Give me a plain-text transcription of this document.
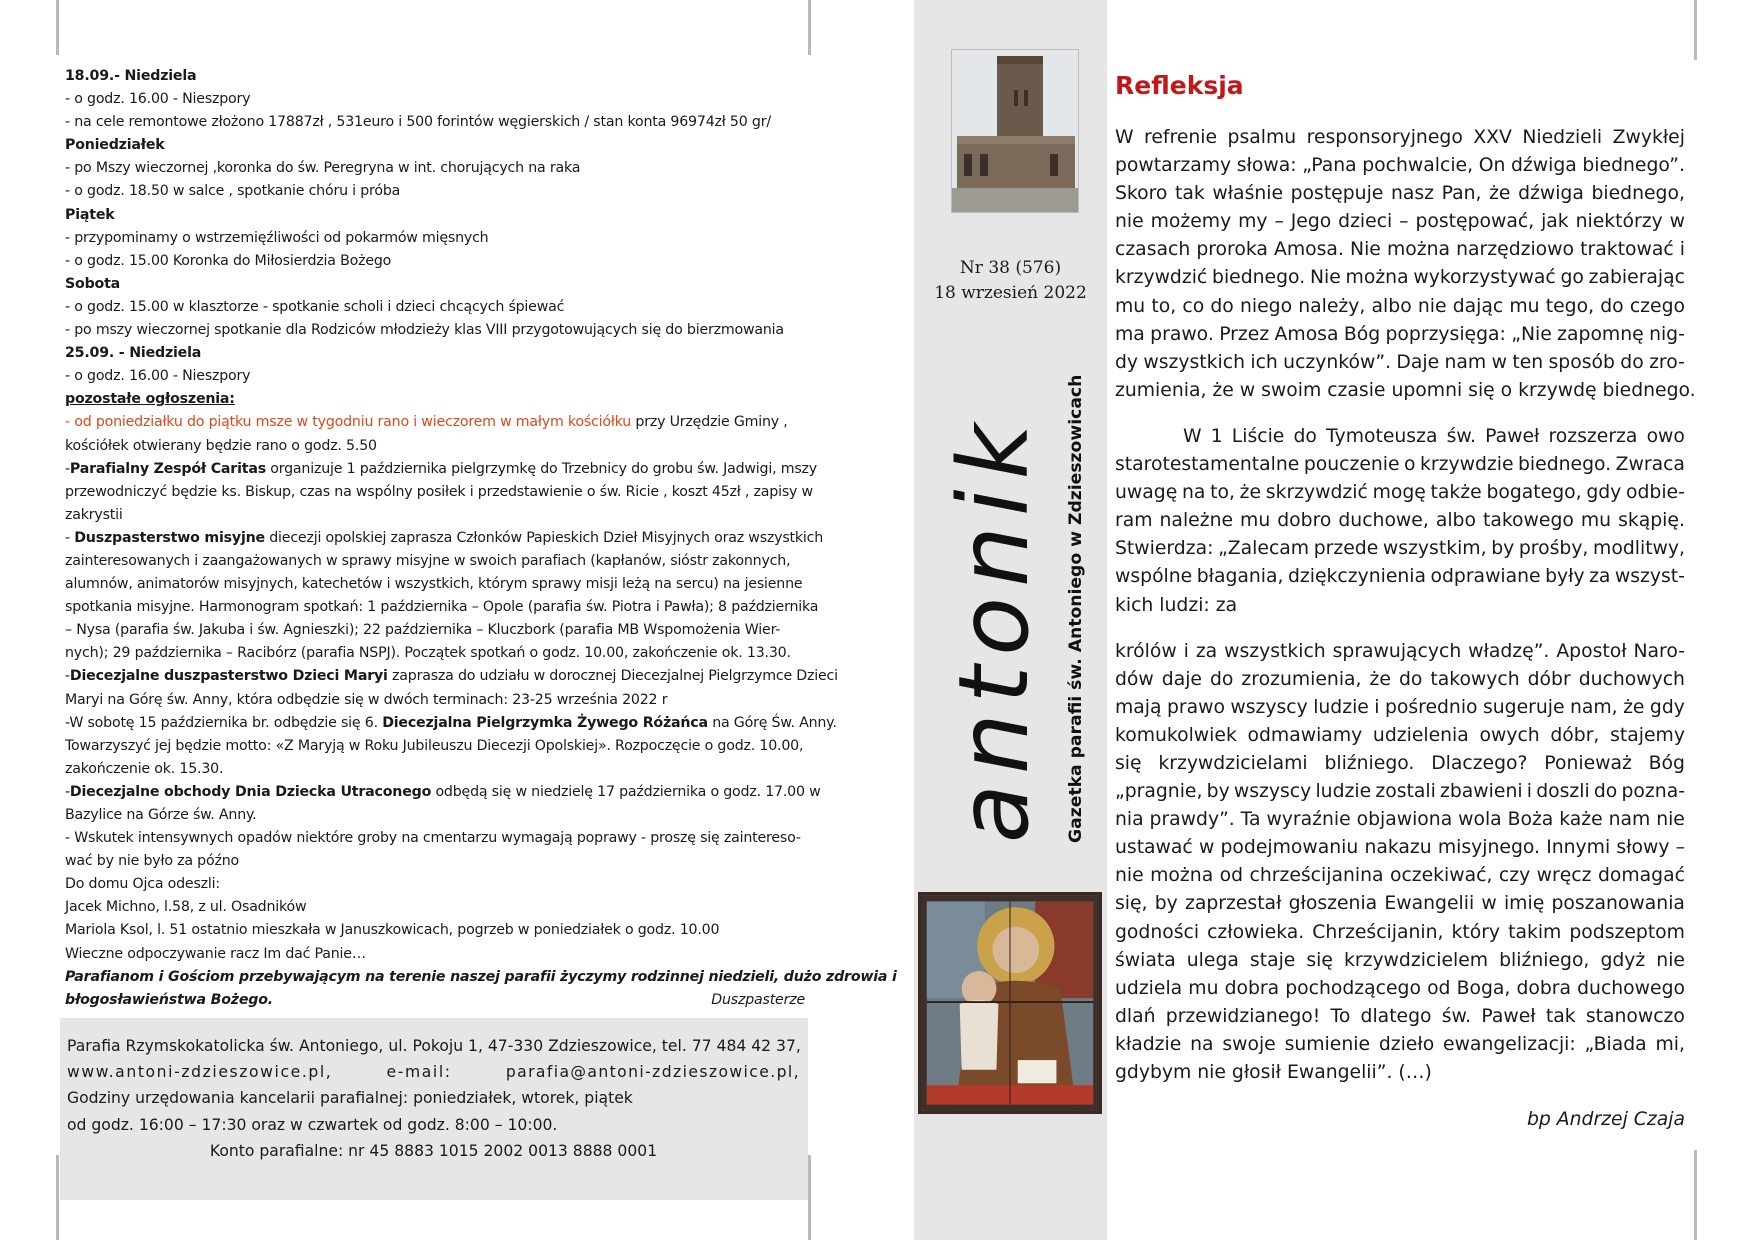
18.09.- Niedziela

- o godz. 16.00 - Nieszpory

- na cele remontowe złożono 17887zł , 531euro i 500 forintów węgierskich / stan konta 96974zł 50 gr/

Poniedziałek

- po Mszy wieczornej ,koronka do św. Peregryna w int. chorujących na raka

- o godz. 18.50 w salce , spotkanie chóru i próba

Piątek

- przypominamy o wstrzemięźliwości od pokarmów mięsnych

- o godz. 15.00 Koronka do Miłosierdzia Bożego

Sobota

- o godz. 15.00 w klasztorze - spotkanie scholi i dzieci chcących śpiewać

- po mszy wieczornej spotkanie dla Rodziców młodzieży klas VIII przygotowujących się do bierzmowania

25.09. - Niedziela

- o godz. 16.00 - Nieszpory

pozostałe ogłoszenia:

- od poniedziałku do piątku msze w tygodniu rano i wieczorem w małym kościółku przy Urzędzie Gminy ,

kościółek otwierany będzie rano o godz. 5.50

-Parafialny Zespół Caritas organizuje 1 października pielgrzymkę do Trzebnicy do grobu św. Jadwigi, mszy

przewodniczyć będzie ks. Biskup, czas na wspólny posiłek i przedstawienie o św. Ricie , koszt 45zł , zapisy w

zakrystii

- Duszpasterstwo misyjne diecezji opolskiej zaprasza Członków Papieskich Dzieł Misyjnych oraz wszystkich

zainteresowanych i zaangażowanych w sprawy misyjne w swoich parafiach (kapłanów, sióstr zakonnych,

alumnów, animatorów misyjnych, katechetów i wszystkich, którym sprawy misji leżą na sercu) na jesienne

spotkania misyjne. Harmonogram spotkań: 1 października – Opole (parafia św. Piotra i Pawła); 8 października

– Nysa (parafia św. Jakuba i św. Agnieszki); 22 października – Kluczbork (parafia MB Wspomożenia Wier-

nych); 29 października – Racibórz (parafia NSPJ). Początek spotkań o godz. 10.00, zakończenie ok. 13.30.

-Diecezjalne duszpasterstwo Dzieci Maryi zaprasza do udziału w dorocznej Diecezjalnej Pielgrzymce Dzieci

Maryi na Górę św. Anny, która odbędzie się w dwóch terminach: 23-25 września 2022 r

-W sobotę 15 października br. odbędzie się 6. Diecezjalna Pielgrzymka Żywego Różańca na Górę Św. Anny.

Towarzyszyć jej będzie motto: «Z Maryją w Roku Jubileuszu Diecezji Opolskiej». Rozpoczęcie o godz. 10.00,

zakończenie ok. 15.30.

-Diecezjalne obchody Dnia Dziecka Utraconego odbędą się w niedzielę 17 października o godz. 17.00 w

Bazylice na Górze św. Anny.

- Wskutek intensywnych opadów niektóre groby na cmentarzu wymagają poprawy - proszę się zaintereso-

wać by nie było za późno

Do domu Ojca odeszli:

Jacek Michno, l.58, z ul. Osadników

Mariola Ksol, l. 51 ostatnio mieszkała w Januszkowicach, pogrzeb w poniedziałek o godz. 10.00

Wieczne odpoczywanie racz Im dać Panie…

Parafianom i Gościom przebywającym na terenie naszej parafii życzymy rodzinnej niedzieli, dużo zdrowia i

błogosławieństwa Bożego.	Duszpasterze

Parafia Rzymskokatolicka św. Antoniego, ul. Pokoju 1, 47-330 Zdzieszowice, tel. 77 484 42 37,

www.antoni-zdzieszowice.pl,	e-mail:	parafia@antoni-zdzieszowice.pl,

Godziny urzędowania kancelarii parafialnej: poniedziałek, wtorek, piątek

od godz. 16:00 – 17:30 oraz w czwartek od godz. 8:00 – 10:00.

Konto parafialne: nr 45 8883 1015 2002 0013 8888 0001

Nr 38 (576)
18 wrzesień 2022
antonik Gazetka parafii św. Antoniego w Zdzieszowicach
Refleksja
W refrenie psalmu responsoryjnego XXV Niedzieli Zwykłej
powtarzamy słowa: „Pana pochwalcie, On dźwiga biednego”.
Skoro tak właśnie postępuje nasz Pan, że dźwiga biednego,
nie możemy my – Jego dzieci – postępować, jak niektórzy w
czasach proroka Amosa. Nie można narzędziowo traktować i
krzywdzić biednego. Nie można wykorzystywać go zabierając
mu to, co do niego należy, albo nie dając mu tego, do czego
ma prawo. Przez Amosa Bóg poprzysięga: „Nie zapomnę nig-
dy wszystkich ich uczynków”. Daje nam w ten sposób do zro-
zumienia, że w swoim czasie upomni się o krzywdę biednego.
W 1 Liście do Tymoteusza św. Paweł rozszerza owo
starotestamentalne pouczenie o krzywdzie biednego. Zwraca
uwagę na to, że skrzywdzić mogę także bogatego, gdy odbie-
ram należne mu dobro duchowe, albo takowego mu skąpię.
Stwierdza: „Zalecam przede wszystkim, by prośby, modlitwy,
wspólne błagania, dziękczynienia odprawiane były za wszyst-
kich ludzi: za
królów i za wszystkich sprawujących władzę”. Apostoł Naro-
dów daje do zrozumienia, że do takowych dóbr duchowych
mają prawo wszyscy ludzie i pośrednio sugeruje nam, że gdy
komukolwiek odmawiamy udzielenia owych dóbr, stajemy
się krzywdzicielami bliźniego. Dlaczego? Ponieważ Bóg
„pragnie, by wszyscy ludzie zostali zbawieni i doszli do pozna-
nia prawdy”. Ta wyraźnie objawiona wola Boża każe nam nie
ustawać w podejmowaniu nakazu misyjnego. Innymi słowy –
nie można od chrześcijanina oczekiwać, czy wręcz domagać
się, by zaprzestał głoszenia Ewangelii w imię poszanowania
godności człowieka. Chrześcijanin, który takim podszeptom
świata ulega staje się krzywdzicielem bliźniego, gdyż nie
udziela mu dobra pochodzącego od Boga, dobra duchowego
dlań przewidzianego! To dlatego św. Paweł tak stanowczo
kładzie na swoje sumienie dzieło ewangelizacji: „Biada mi,
gdybym nie głosił Ewangelii”. (…)
bp Andrzej Czaja
